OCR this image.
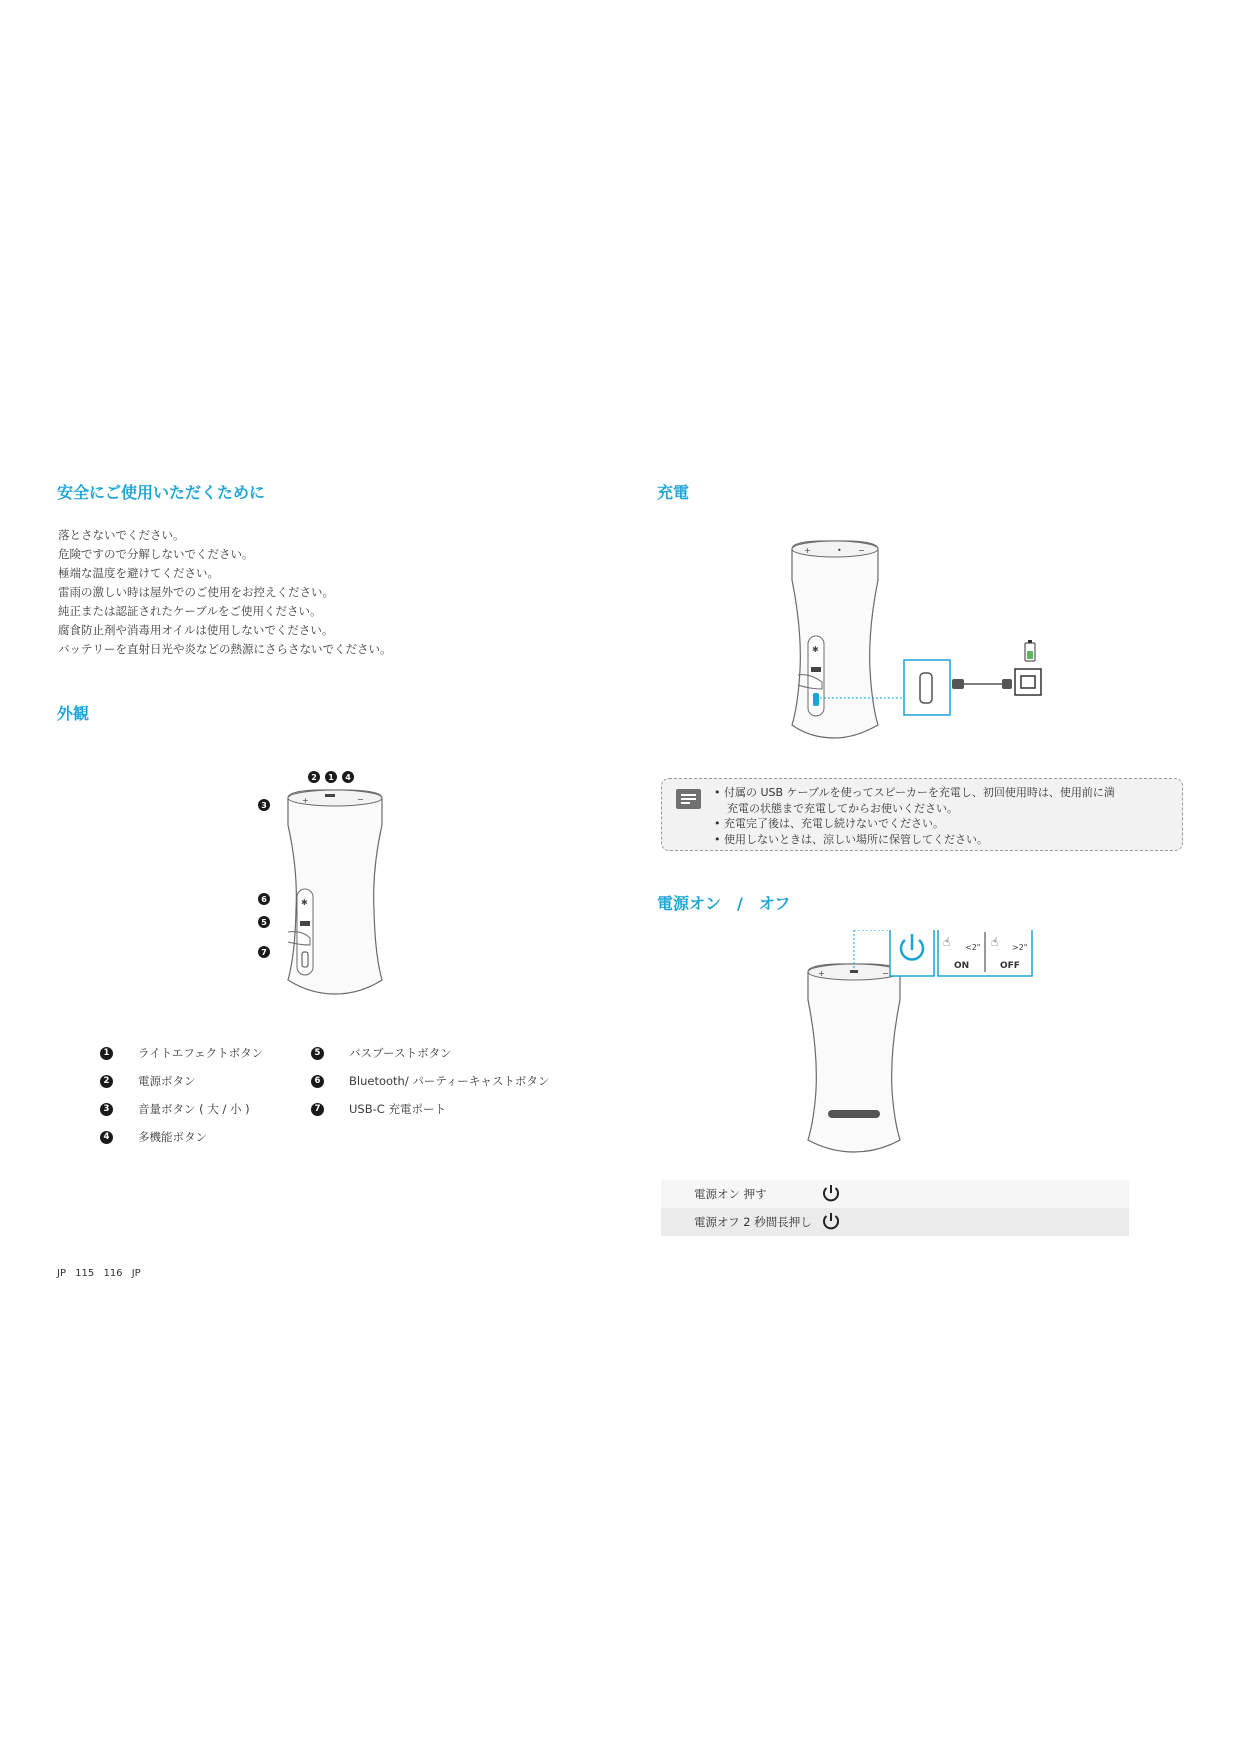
安全にご使用いただくために
落とさないでください。
危険ですので分解しないでください。
極端な温度を避けてください。
雷雨の激しい時は屋外でのご使用をお控えください。
純正または認証されたケーブルをご使用ください。
腐食防止剤や消毒用オイルは使用しないでください。
バッテリーを直射日光や炎などの熱源にさらさないでください。
外観
+	−
✱
2	1	4
3
6
5
7
1	ライトエフェクトボタン
2	電源ボタン
3	音量ボタン ( 大 / 小 )
4	多機能ボタン
5	バスブーストボタン
6	Bluetooth/ パーティーキャストボタン
7	USB-C 充電ポート
充電
+	• −
✱
• 付属の USB ケーブルを使ってスピーカーを充電し、初回使用時は、使用前に満
充電の状態まで充電してからお使いください。
• 充電完了後は、充電し続けないでください。
• 使用しないときは、涼しい場所に保管してください。
電源オン　/　オフ
+	−
☝	☝
<2"	>2"
ON	OFF
電源オン 押す
電源オフ 2 秒間長押し
JP 115 116 JP
